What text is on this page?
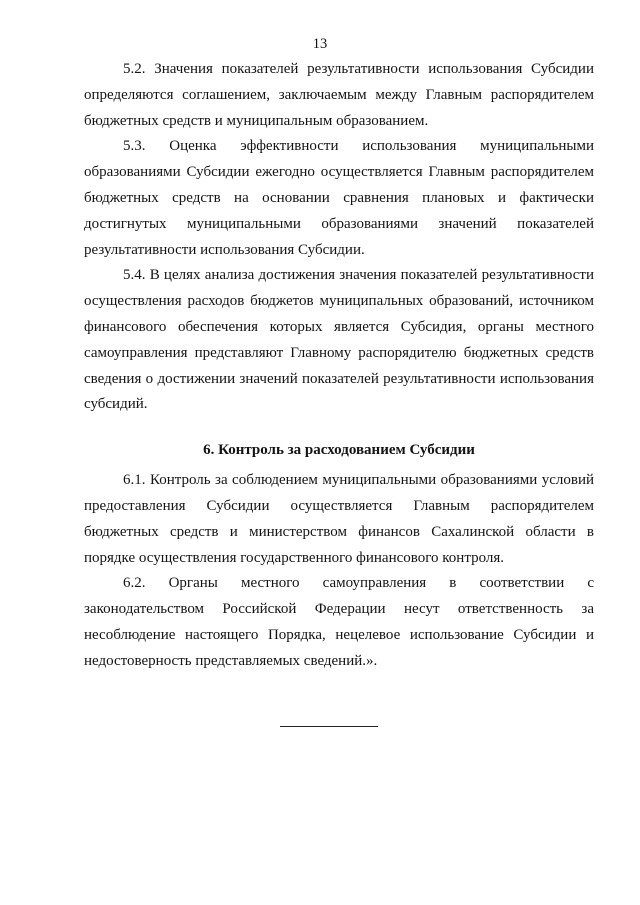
13

5.2. Значения показателей результативности использования Субсидии определяются соглашением, заключаемым между Главным распорядителем бюджетных средств и муниципальным образованием.

5.3. Оценка эффективности использования муниципальными образованиями Субсидии ежегодно осуществляется Главным распорядителем бюджетных средств на основании сравнения плановых и фактически достигнутых муниципальными образованиями значений показателей результативности использования Субсидии.

5.4. В целях анализа достижения значения показателей результативности осуществления расходов бюджетов муниципальных образований, источником финансового обеспечения которых является Субсидия, органы местного самоуправления представляют Главному распорядителю бюджетных средств сведения о достижении значений показателей результативности использования субсидий.

6. Контроль за расходованием Субсидии

6.1. Контроль за соблюдением муниципальными образованиями условий предоставления Субсидии осуществляется Главным распорядителем бюджетных средств и министерством финансов Сахалинской области в порядке осуществления государственного финансового контроля.

6.2. Органы местного самоуправления в соответствии с законодательством Российской Федерации несут ответственность за несоблюдение настоящего Порядка, нецелевое использование Субсидии и недостоверность представляемых сведений.».
